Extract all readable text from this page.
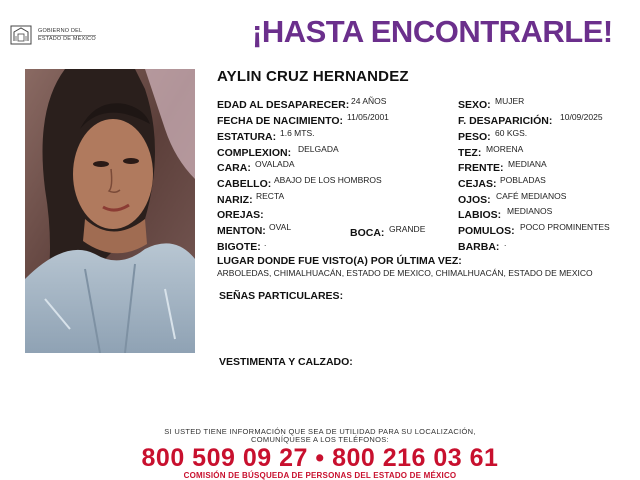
GOBIERNO DEL
ESTADO DE MÉXICO	¡HASTA ENCONTRARLE!
AYLIN CRUZ HERNANDEZ
EDAD AL DESAPARECER: 24 AÑOS
FECHA DE NACIMIENTO: 11/05/2001
ESTATURA: 1.6 MTS.
COMPLEXION: DELGADA
CARA: OVALADA
CABELLO: ABAJO DE LOS HOMBROS
NARIZ: RECTA
OREJAS:
MENTON: OVAL	BOCA: GRANDE
BIGOTE: .
SEXO: MUJER
F. DESAPARICIÓN: 10/09/2025
PESO: 60 KGS.
TEZ: MORENA
FRENTE: MEDIANA
CEJAS: POBLADAS
OJOS: CAFÉ MEDIANOS
LABIOS: MEDIANOS
POMULOS: POCO PROMINENTES
BARBA: .
LUGAR DONDE FUE VISTO(A) POR ÚLTIMA VEZ:
ARBOLEDAS, CHIMALHUACÁN, ESTADO DE MEXICO, CHIMALHUACÁN, ESTADO DE MEXICO
SEÑAS PARTICULARES:
VESTIMENTA Y CALZADO:
SI USTED TIENE INFORMACIÓN QUE SEA DE UTILIDAD PARA SU LOCALIZACIÓN,
COMUNÍQUESE A LOS TELÉFONOS:
800 509 09 27 • 800 216 03 61
COMISIÓN DE BÚSQUEDA DE PERSONAS DEL ESTADO DE MÉXICO
